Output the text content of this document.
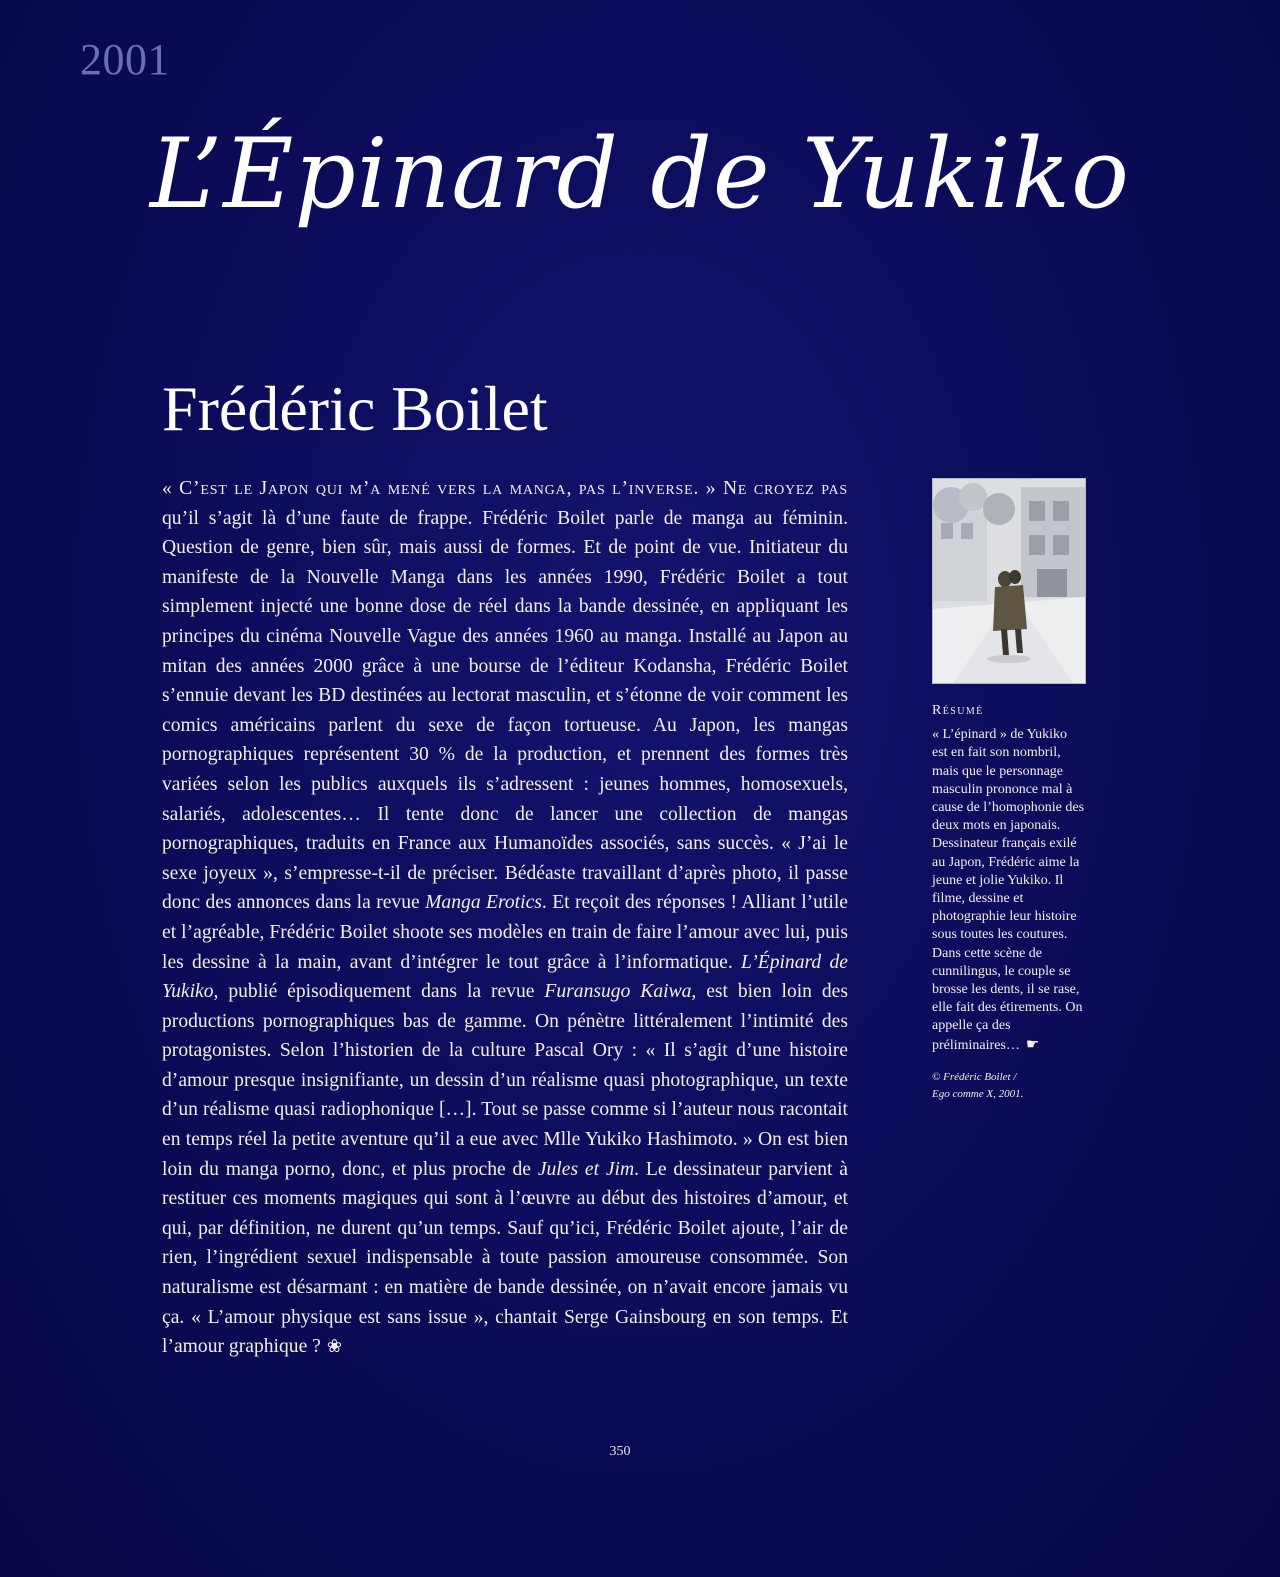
2001
L’Épinard de Yukiko
Frédéric Boilet
« C’est le Japon qui m’a mené vers la manga, pas l’inverse. » Ne croyez pas qu’il s’agit là d’une faute de frappe. Frédéric Boilet parle de manga au féminin. Question de genre, bien sûr, mais aussi de formes. Et de point de vue. Initiateur du manifeste de la Nouvelle Manga dans les années 1990, Frédéric Boilet a tout simplement injecté une bonne dose de réel dans la bande dessinée, en appliquant les principes du cinéma Nouvelle Vague des années 1960 au manga. Installé au Japon au mitan des années 2000 grâce à une bourse de l’éditeur Kodansha, Frédéric Boilet s’ennuie devant les BD destinées au lectorat masculin, et s’étonne de voir comment les comics américains parlent du sexe de façon tortueuse. Au Japon, les mangas pornographiques représentent 30 % de la production, et prennent des formes très variées selon les publics auxquels ils s’adressent : jeunes hommes, homosexuels, salariés, adolescentes… Il tente donc de lancer une collection de mangas pornographiques, traduits en France aux Humanoïdes associés, sans succès. « J’ai le sexe joyeux », s’empresse-t-il de préciser. Bédéaste travaillant d’après photo, il passe donc des annonces dans la revue Manga Erotics. Et reçoit des réponses ! Alliant l’utile et l’agréable, Frédéric Boilet shoote ses modèles en train de faire l’amour avec lui, puis les dessine à la main, avant d’intégrer le tout grâce à l’informatique. L’Épinard de Yukiko, publié épisodiquement dans la revue Furansugo Kaiwa, est bien loin des productions pornographiques bas de gamme. On pénètre littéralement l’intimité des protagonistes. Selon l’historien de la culture Pascal Ory : « Il s’agit d’une histoire d’amour presque insignifiante, un dessin d’un réalisme quasi photographique, un texte d’un réalisme quasi radiophonique […]. Tout se passe comme si l’auteur nous racontait en temps réel la petite aventure qu’il a eue avec Mlle Yukiko Hashimoto. » On est bien loin du manga porno, donc, et plus proche de Jules et Jim. Le dessinateur parvient à restituer ces moments magiques qui sont à l’œuvre au début des histoires d’amour, et qui, par définition, ne durent qu’un temps. Sauf qu’ici, Frédéric Boilet ajoute, l’air de rien, l’ingrédient sexuel indispensable à toute passion amoureuse consommée. Son naturalisme est désarmant : en matière de bande dessinée, on n’avait encore jamais vu ça. « L’amour physique est sans issue », chantait Serge Gainsbourg en son temps. Et l’amour graphique ? ❀
Résumé
« L’épinard » de Yukiko est en fait son nombril, mais que le personnage masculin prononce mal à cause de l’homophonie des deux mots en japonais. Dessinateur français exilé au Japon, Frédéric aime la jeune et jolie Yukiko. Il filme, dessine et photographie leur histoire sous toutes les coutures. Dans cette scène de cunnilingus, le couple se brosse les dents, il se rase, elle fait des étirements. On appelle ça des préliminaires… ☛
© Frédéric Boilet /
Ego comme X, 2001.
350
